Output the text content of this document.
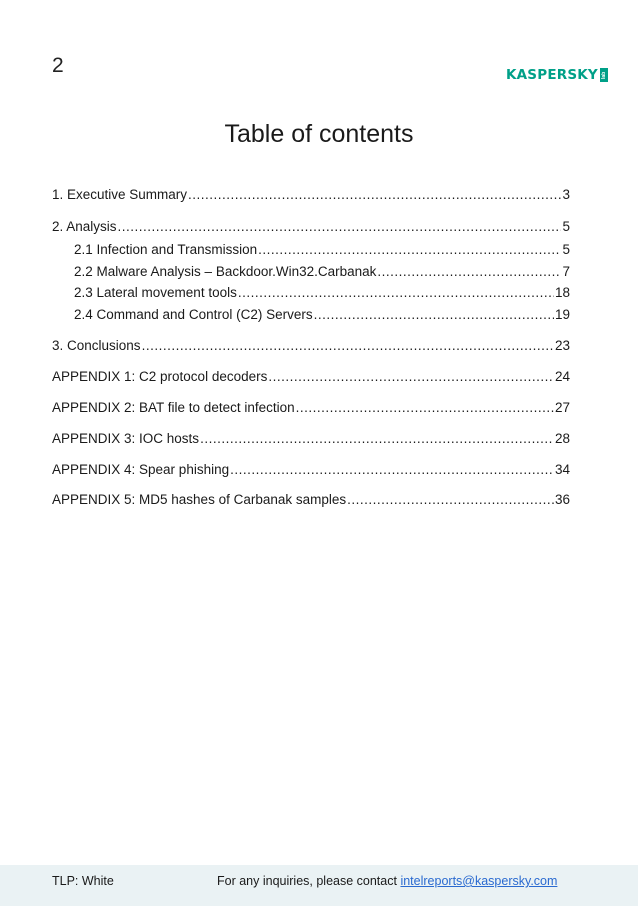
2	KASPERSKY lab
Table of contents
1. Executive Summary .....	3
2. Analysis .....	5
2.1 Infection and Transmission .....	5
2.2 Malware Analysis – Backdoor.Win32.Carbanak .....	7
2.3 Lateral movement tools .....	18
2.4 Command and Control (C2) Servers .....	19
3. Conclusions .....	23
APPENDIX 1: C2 protocol decoders .....	24
APPENDIX 2: BAT file to detect infection .....	27
APPENDIX 3: IOC hosts .....	28
APPENDIX 4: Spear phishing .....	34
APPENDIX 5: MD5 hashes of Carbanak samples .....	36
TLP: White	For any inquiries, please contact intelreports@kaspersky.com
